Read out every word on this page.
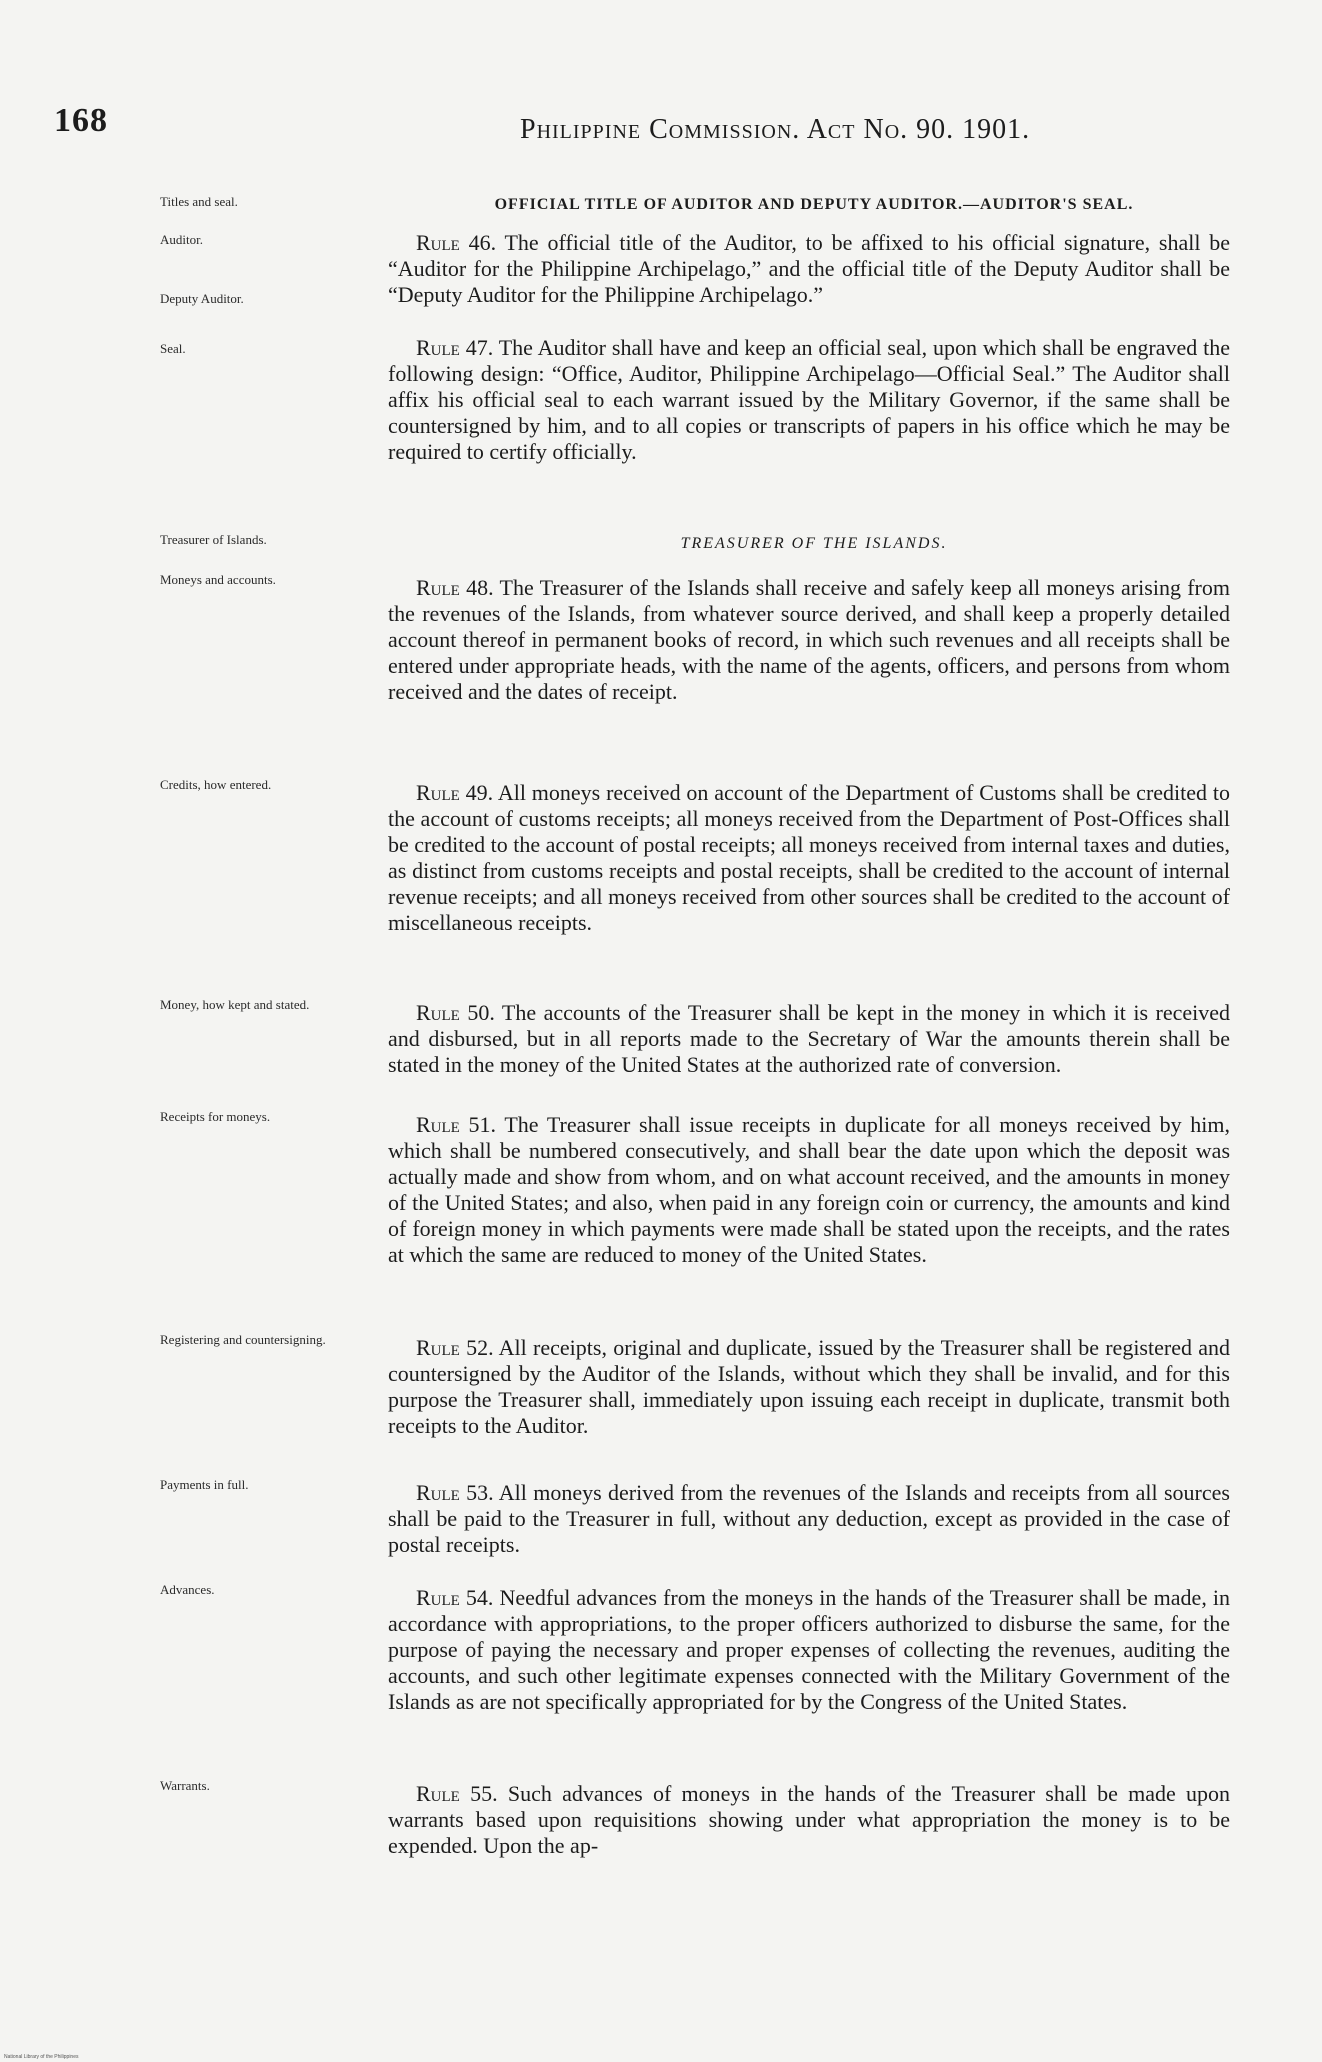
168	Philippine Commission. Act No. 90. 1901.
Titles and seal.
Auditor.
Deputy Auditor.
Seal.
Treasurer of Islands.
Moneys and accounts.
Credits, how entered.
Money, how kept and stated.
Receipts for moneys.
Registering and countersigning.
Payments in full.
Advances.
Warrants.
OFFICIAL TITLE OF AUDITOR AND DEPUTY AUDITOR.—AUDITOR'S SEAL.

Rule 46. The official title of the Auditor, to be affixed to his official signature, shall be “Auditor for the Philippine Archipelago,” and the official title of the Deputy Auditor shall be “Deputy Auditor for the Philippine Archipelago.”

Rule 47. The Auditor shall have and keep an official seal, upon which shall be engraved the following design: “Office, Auditor, Philippine Archipelago—Official Seal.” The Auditor shall affix his official seal to each warrant issued by the Military Governor, if the same shall be countersigned by him, and to all copies or transcripts of papers in his office which he may be required to certify officially.

TREASURER OF THE ISLANDS.

Rule 48. The Treasurer of the Islands shall receive and safely keep all moneys arising from the revenues of the Islands, from whatever source derived, and shall keep a properly detailed account thereof in permanent books of record, in which such revenues and all receipts shall be entered under appropriate heads, with the name of the agents, officers, and persons from whom received and the dates of receipt.

Rule 49. All moneys received on account of the Department of Customs shall be credited to the account of customs receipts; all moneys received from the Department of Post-Offices shall be credited to the account of postal receipts; all moneys received from internal taxes and duties, as distinct from customs receipts and postal receipts, shall be credited to the account of internal revenue receipts; and all moneys received from other sources shall be credited to the account of miscellaneous receipts.

Rule 50. The accounts of the Treasurer shall be kept in the money in which it is received and disbursed, but in all reports made to the Secretary of War the amounts therein shall be stated in the money of the United States at the authorized rate of conversion.

Rule 51. The Treasurer shall issue receipts in duplicate for all moneys received by him, which shall be numbered consecutively, and shall bear the date upon which the deposit was actually made and show from whom, and on what account received, and the amounts in money of the United States; and also, when paid in any foreign coin or currency, the amounts and kind of foreign money in which payments were made shall be stated upon the receipts, and the rates at which the same are reduced to money of the United States.

Rule 52. All receipts, original and duplicate, issued by the Treasurer shall be registered and countersigned by the Auditor of the Islands, without which they shall be invalid, and for this purpose the Treasurer shall, immediately upon issuing each receipt in duplicate, transmit both receipts to the Auditor.

Rule 53. All moneys derived from the revenues of the Islands and receipts from all sources shall be paid to the Treasurer in full, without any deduction, except as provided in the case of postal receipts.

Rule 54. Needful advances from the moneys in the hands of the Treasurer shall be made, in accordance with appropriations, to the proper officers authorized to disburse the same, for the purpose of paying the necessary and proper expenses of collecting the revenues, auditing the accounts, and such other legitimate expenses connected with the Military Government of the Islands as are not specifically appropriated for by the Congress of the United States.

Rule 55. Such advances of moneys in the hands of the Treasurer shall be made upon warrants based upon requisitions showing under what appropriation the money is to be expended. Upon the ap-

National Library of the Philippines
